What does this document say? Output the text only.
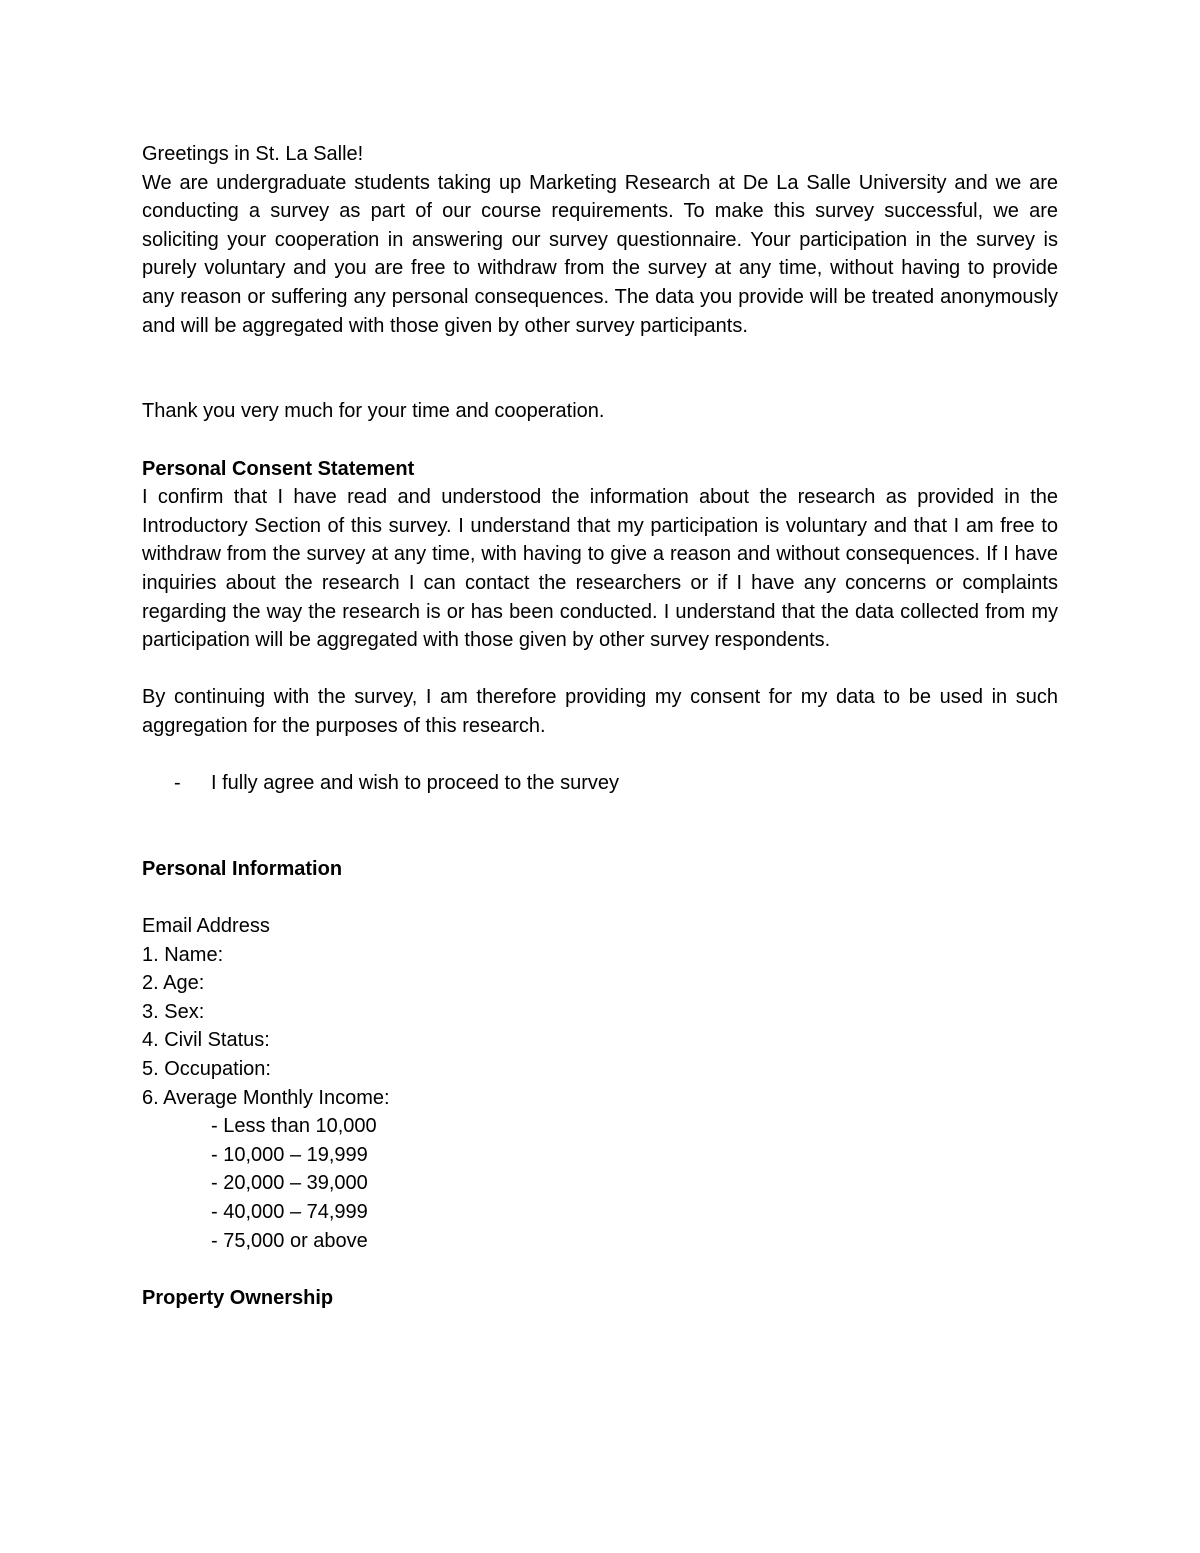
Greetings in St. La Salle!

We are undergraduate students taking up Marketing Research at De La Salle University and we are conducting a survey as part of our course requirements. To make this survey successful, we are soliciting your cooperation in answering our survey questionnaire. Your participation in the survey is purely voluntary and you are free to withdraw from the survey at any time, without having to provide any reason or suffering any personal consequences. The data you provide will be treated anonymously and will be aggregated with those given by other survey participants.

Thank you very much for your time and cooperation.

Personal Consent Statement

I confirm that I have read and understood the information about the research as provided in the Introductory Section of this survey. I understand that my participation is voluntary and that I am free to withdraw from the survey at any time, with having to give a reason and without consequences. If I have inquiries about the research I can contact the researchers or if I have any concerns or complaints regarding the way the research is or has been conducted. I understand that the data collected from my participation will be aggregated with those given by other survey respondents.

By continuing with the survey, I am therefore providing my consent for my data to be used in such aggregation for the purposes of this research.

-	I fully agree and wish to proceed to the survey

Personal Information

Email Address

1. Name:

2. Age:

3. Sex:

4. Civil Status:

5. Occupation:

6. Average Monthly Income:

- Less than 10,000

- 10,000 – 19,999

- 20,000 – 39,000

- 40,000 – 74,999

- 75,000 or above

Property Ownership
